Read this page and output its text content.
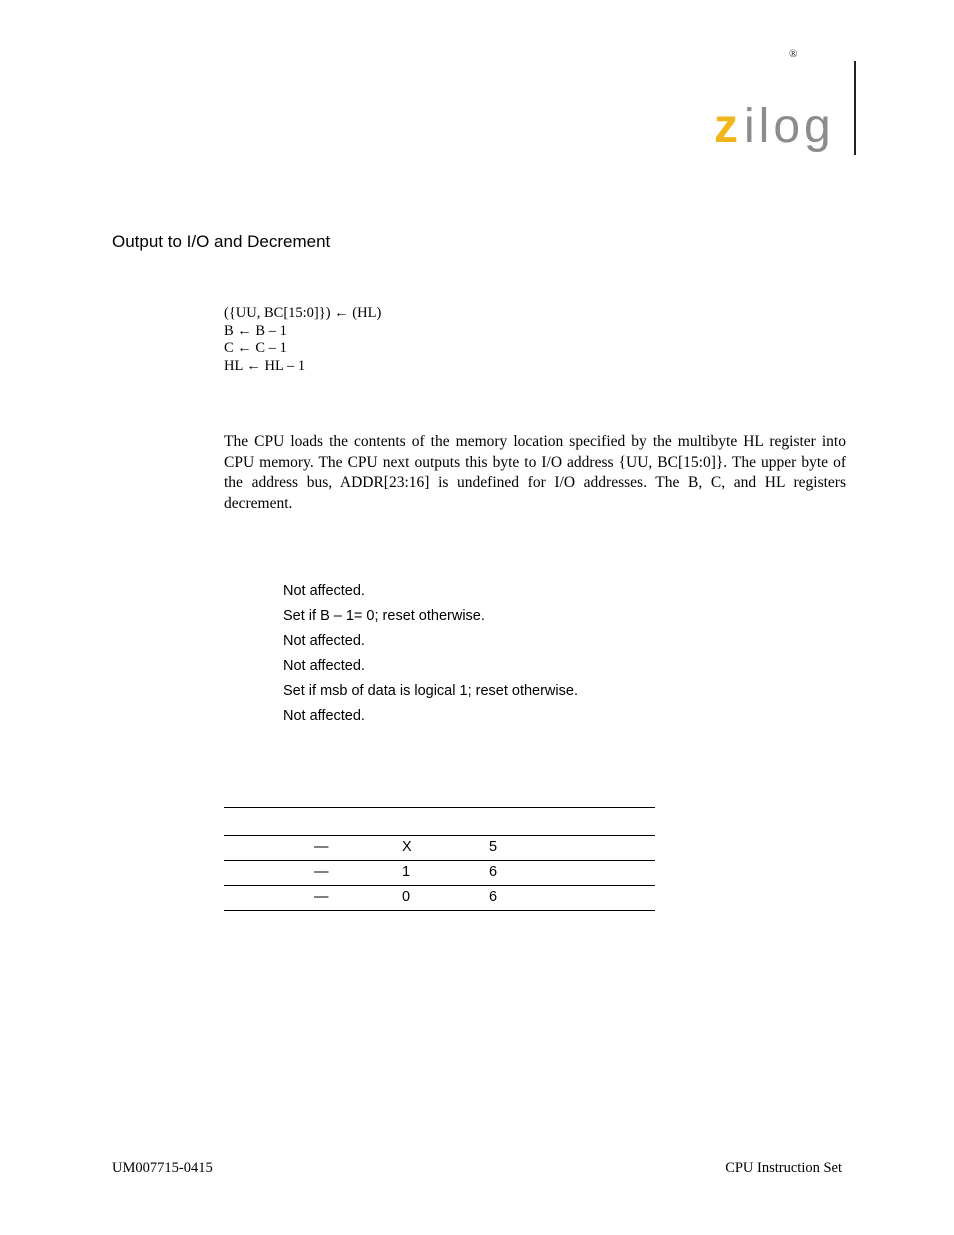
®
z ilog
Output to I/O and Decrement
({UU, BC[15:0]}) ← (HL)
B ← B – 1
C ← C – 1
HL ← HL – 1
The CPU loads the contents of the memory location specified by the multibyte HL register into CPU memory. The CPU next outputs this byte to I/O address {UU, BC[15:0]}. The upper byte of the address bus, ADDR[23:16] is undefined for I/O addresses. The B, C, and HL registers decrement.
Not affected.
Set if B – 1= 0; reset otherwise.
Not affected.
Not affected.
Set if msb of data is logical 1; reset otherwise.
Not affected.
—	X	5
—	1	6
—	0	6
UM007715-0415	CPU Instruction Set
